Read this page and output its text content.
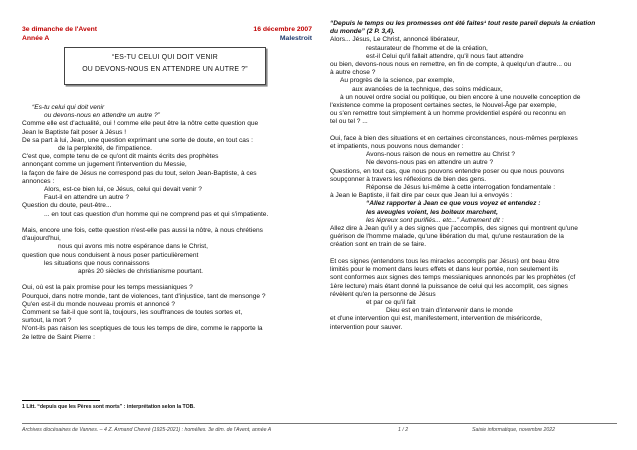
3e dimanche de l'Avent
Année A
16 décembre 2007
Malestroit
“ES-TU CELUI QUI DOIT VENIR
OU DEVONS-NOUS EN ATTENDRE UN AUTRE ?”

“Es-tu celui qui doit venir

ou devons-nous en attendre un autre ?”

Comme elle est d'actualité, oui ! comme elle peut être la nôtre cette question que

Jean le Baptiste fait poser à Jésus !

De sa part à lui, Jean, une question exprimant une sorte de doute, en tout cas :

de la perplexité, de l'impatience.

C'est que, compte tenu de ce qu'ont dit maints écrits des prophètes

annonçant comme un jugement l'intervention du Messie,

la façon de faire de Jésus ne correspond pas du tout, selon Jean-Baptiste, à ces

annonces :

Alors, est-ce bien lui, ce Jésus, celui qui devait venir ?

Faut-il en attendre un autre ?

Question du doute, peut-être...

... en tout cas question d'un homme qui ne comprend pas et qui s'impatiente.

Mais, encore une fois, cette question n'est-elle pas aussi la nôtre, à nous chrétiens

d'aujourd'hui,

nous qui avons mis notre espérance dans le Christ,

question que nous conduisent à nous poser particulièrement

les situations que nous connaissons

après 20 siècles de christianisme pourtant.

Oui, où est la paix promise pour les temps messianiques ?

Pourquoi, dans notre monde, tant de violences, tant d'injustice, tant de mensonge ?

Qu'en est-il du monde nouveau promis et annoncé ?

Comment se fait-il que sont là, toujours, les souffrances de toutes sortes et,

surtout, la mort ?

N'ont-ils pas raison les sceptiques de tous les temps de dire, comme le rapporte la

2e lettre de Saint Pierre :

1 Litt. “depuis que les Pères sont morts” : interprétation selon la TOB.

“Depuis le temps ou les promesses ont été faites¹ tout reste pareil depuis la création

du monde” (2 P. 3,4).

Alors... Jésus, Le Christ, annoncé libérateur,

restaurateur de l'homme et de la création,

est-il Celui qu'il fallait attendre, qu'il nous faut attendre

ou bien, devons-nous nous en remettre, en fin de compte, à quelqu'un d'autre... ou

à autre chose ?

Au progrès de la science, par exemple,

aux avancées de la technique, des soins médicaux,

à un nouvel ordre social ou politique, ou bien encore à une nouvelle conception de

l'existence comme la proposent certaines sectes, le Nouvel-Âge par exemple,

ou s'en remettre tout simplement à un homme providentiel espéré ou reconnu en

tel ou tel ? ...

Oui, face à bien des situations et en certaines circonstances, nous-mêmes perplexes

et impatients, nous pouvons nous demander :

Avons-nous raison de nous en remettre au Christ ?

Ne devons-nous pas en attendre un autre ?

Questions, en tout cas, que nous pouvons entendre poser ou que nous pouvons

soupçonner à travers les réflexions de bien des gens.

Réponse de Jésus lui-même à cette interrogation fondamentale :

à Jean le Baptiste, il fait dire par ceux que Jean lui a envoyés :

“Allez rapporter à Jean ce que vous voyez et entendez :

les aveugles voient, les boiteux marchent,

les lépreux sont purifiés... etc...” Autrement dit :

Allez dire à Jean qu'il y a des signes que j'accomplis, des signes qui montrent qu'une

guérison de l'homme malade, qu'une libération du mal, qu'une restauration de la

création sont en train de se faire.

Et ces signes (entendons tous les miracles accomplis par Jésus) ont beau être

limités pour le moment dans leurs effets et dans leur portée, non seulement ils

sont conformes aux signes des temps messianiques annoncés par les prophètes (cf

1ère lecture) mais étant donné la puissance de celui qui les accomplit, ces signes

révèlent qu'en la personne de Jésus

et par ce qu'il fait

Dieu est en train d'intervenir dans le monde

et d'une intervention qui est, manifestement, intervention de miséricorde,

intervention pour sauver.

Archives diocésaines de Vannes. – 4 Z. Armand Chevré (1925-2021) : homélies. 3e dim. de l'Avent, année A	1 / 2	Saisie informatique, novembre 2022
